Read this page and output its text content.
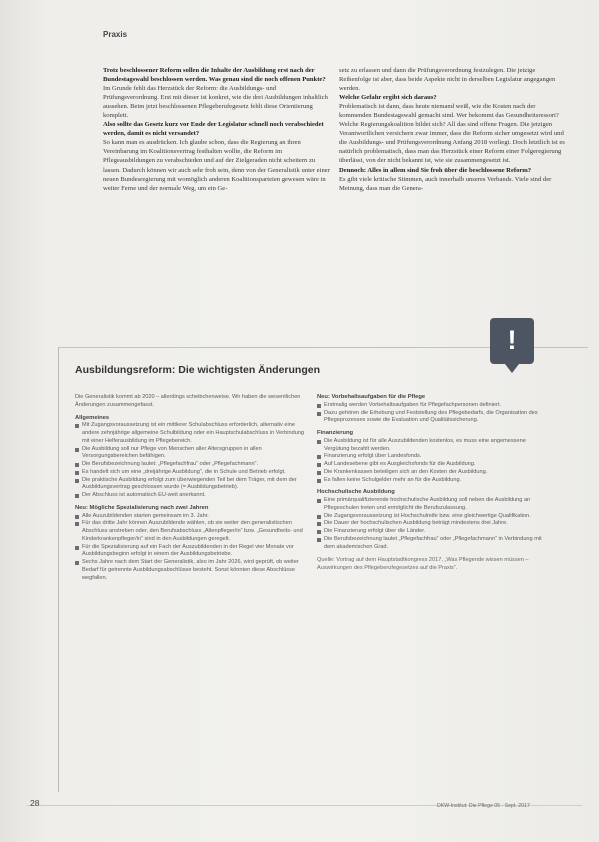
Praxis

Trotz beschlossener Reform sollen die Inhalte der Ausbildung erst nach der Bundestagswahl beschlossen werden. Was genau sind die noch offenen Punkte?

Im Grunde fehlt das Herzstück der Reform: die Ausbildungs- und Prüfungsverordnung. Erst mit dieser ist konkret, wie die drei Ausbildungen inhaltlich aussehen. Beim jetzt beschlossenen Pflegeberufegesetz fehlt diese Orientierung komplett.

Also sollte das Gesetz kurz vor Ende der Legislatur schnell noch verabschiedet werden, damit es nicht versandet?

So kann man es ausdrücken. Ich glaube schon, dass die Regierung an ihren Vereinbarung im Koalitionsvertrag festhalten wollte, die Reform im Pflegeausbildungen zu verabschieden und auf der Zielgeraden nicht scheitern zu lassen. Dadurch können wir auch sehr froh sein, denn von der Generalistik unter einer neuen Bundesregierung mit womöglich anderen Koalitionsparteien gewesen wäre in weiter Ferne und der normale Weg, um ein Ge-

setz zu erlassen und dann die Prüfungsverordnung festzulegen. Die jetzige Reihenfolge ist aber, dass beide Aspekte nicht in derselben Legislatur angegangen werden.

Welche Gefahr ergibt sich daraus?

Problematisch ist dann, dass heute niemand weiß, wie die Kosten nach der kommenden Bundestagswahl gemacht sind. Wer bekommt das Gesundheitsressort? Welche Regierungskoalition bildet sich? All das sind offene Fragen. Die jetzigen Verantwortlichen versichern zwar immer, dass die Reform sicher umgesetzt wird und die Ausbildungs- und Prüfungsverordnung Anfang 2018 vorliegt. Doch letztlich ist es natürlich problematisch, dass man das Herzstück einer Reform einer Folgeregierung überlässt, von der nicht bekannt ist, wie sie zusammengesetzt ist.

Dennoch: Alles in allem sind Sie froh über die beschlossene Reform?

Es gibt viele kritische Stimmen, auch innerhalb unseres Verbands. Viele sind der Meinung, dass man die Genera-

!
Ausbildungsreform: Die wichtigsten Änderungen

Die Generalistik kommt ab 2020 – allerdings scheibchenweise. Wir haben die wesentlichen Änderungen zusammengefasst.

Allgemeines
Mit Zugangsvoraussetzung ist ein mittlerer Schulabschluss erforderlich, alternativ eine andere zehnjährige allgemeine Schulbildung oder ein Hauptschulabschluss in Verbindung mit einer Helferausbildung im Pflegebereich.
Die Ausbildung soll nur Pflege von Menschen aller Altersgruppen in allen Versorgungsbereichen befähigen.
Die Berufsbezeichnung lautet: „Pflegefachfrau“ oder „Pflegefachmann“.
Es handelt sich um eine „dreijährige Ausbildung“, die in Schule und Betrieb erfolgt.
Die praktische Ausbildung erfolgt zum überwiegenden Teil bei dem Träger, mit dem der Ausbildungsvertrag geschlossen wurde (= Ausbildungsbetrieb).
Der Abschluss ist automatisch EU-weit anerkannt.
Neu: Mögliche Spezialisierung nach zwei Jahren
Alle Auszubildenden starten gemeinsam im 3. Jahr.
Für das dritte Jahr können Auszubildende wählen, ob sie weiter den generalistischen Abschluss anstreben oder, den Berufsabschluss „Altenpfleger/in“ bzw. „Gesundheits- und Kinderkrankenpfleger/in“ sind in den Ausbildungen geregelt.
Für die Spezialisierung auf ein Fach der Auszubildenden in der Regel vier Monate vor Ausbildungsbeginn erfolgt in einem der Ausbildungsbetriebe.
Sechs Jahre nach dem Start der Generalistik, also im Jahr 2026, wird geprüft, ob weiter Bedarf für getrennte Ausbildungsabschlüsse besteht. Sonst könnten diese Abschlüsse wegfallen.
Neu: Vorbehaltsaufgaben für die Pflege
Erstmalig werden Vorbehaltsaufgaben für Pflegefachpersonen definiert.
Dazu gehören die Erhebung und Feststellung des Pflegebedarfs, die Organisation des Pflegeprozesses sowie die Evaluation und Qualitätssicherung.
Finanzierung
Die Ausbildung ist für alle Auszubildenden kostenlos, es muss eine angemessene Vergütung bezahlt werden.
Finanzierung erfolgt über Landesfonds.
Auf Landesebene gibt es Ausgleichsfonds für die Ausbildung.
Die Krankenkassen beteiligen sich an den Kosten der Ausbildung.
Es fallen keine Schulgelder mehr an für die Ausbildung.
Hochschulische Ausbildung
Eine primärqualifizierende hochschulische Ausbildung soll neben die Ausbildung an Pflegeschulen treten und ermöglicht die Berufszulassung.
Die Zugangsvoraussetzung ist Hochschulreife bzw. eine gleichwertige Qualifikation.
Die Dauer der hochschulischen Ausbildung beträgt mindestens drei Jahre.
Die Finanzierung erfolgt über die Länder.
Die Berufsbezeichnung lautet „Pflegefachfrau“ oder „Pflegefachmann“ in Verbindung mit dem akademischen Grad.

Quelle: Vortrag auf dem Hauptstadtkongress 2017, „Was Pflegende wissen müssen – Auswirkungen des Pflegeberufegesetzes auf die Praxis“.

28	DKW-Institut: Die Pflege 05 · Sept. 2017
